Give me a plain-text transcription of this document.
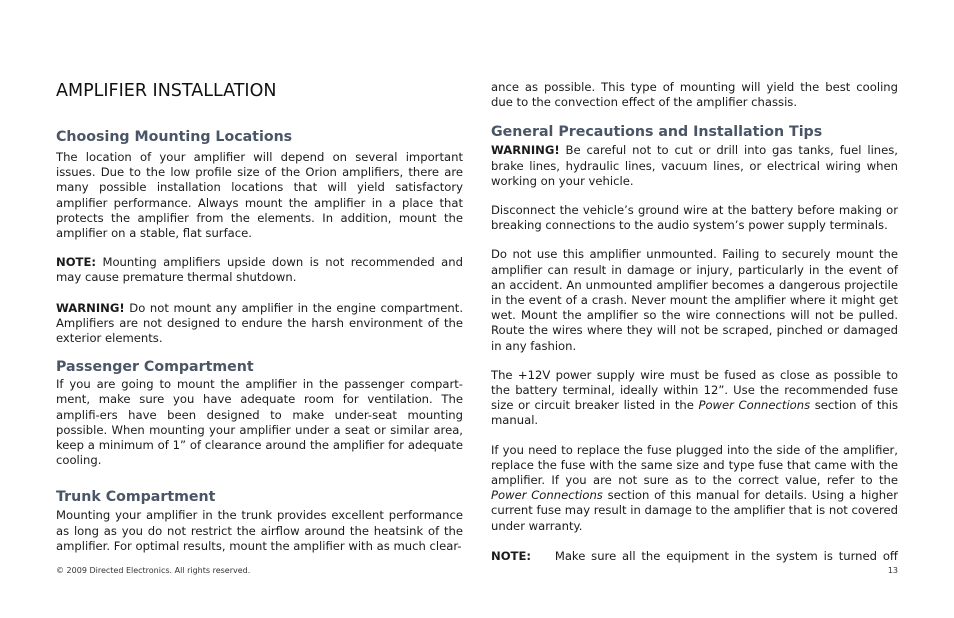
AMPLIFIER INSTALLATION
Choosing Mounting Locations

The location of your amplifier will depend on several important issues. Due to the low profile size of the Orion amplifiers, there are many possible installation locations that will yield satisfactory amplifier performance. Always mount the amplifier in a place that protects the amplifier from the elements. In addition, mount the amplifier on a stable, flat surface.

NOTE: Mounting amplifiers upside down is not recommended and may cause premature thermal shutdown.

WARNING! Do not mount any amplifier in the engine compartment. Amplifiers are not designed to endure the harsh environment of the exterior elements.

Passenger Compartment

If you are going to mount the amplifier in the passenger compart-ment, make sure you have adequate room for ventilation. The amplifi-ers have been designed to make under-seat mounting possible. When mounting your amplifier under a seat or similar area, keep a minimum of 1” of clearance around the amplifier for adequate cooling.

Trunk Compartment

Mounting your amplifier in the trunk provides excellent performance as long as you do not restrict the airflow around the heatsink of the amplifier. For optimal results, mount the amplifier with as much clear-

ance as possible. This type of mounting will yield the best cooling due to the convection effect of the amplifier chassis.

General Precautions and Installation Tips

WARNING! Be careful not to cut or drill into gas tanks, fuel lines, brake lines, hydraulic lines, vacuum lines, or electrical wiring when working on your vehicle.

Disconnect the vehicle’s ground wire at the battery before making or breaking connections to the audio system’s power supply terminals.

Do not use this amplifier unmounted. Failing to securely mount the amplifier can result in damage or injury, particularly in the event of an accident. An unmounted amplifier becomes a dangerous projectile in the event of a crash. Never mount the amplifier where it might get wet. Mount the amplifier so the wire connections will not be pulled. Route the wires where they will not be scraped, pinched or damaged in any fashion.

The +12V power supply wire must be fused as close as possible to the battery terminal, ideally within 12”. Use the recommended fuse size or circuit breaker listed in the Power Connections section of this manual.

If you need to replace the fuse plugged into the side of the amplifier, replace the fuse with the same size and type fuse that came with the amplifier. If you are not sure as to the correct value, refer to the Power Connections section of this manual for details. Using a higher current fuse may result in damage to the amplifier that is not covered under warranty.

NOTE: Make sure all the equipment in the system is turned off
© 2009 Directed Electronics. All rights reserved.	13
